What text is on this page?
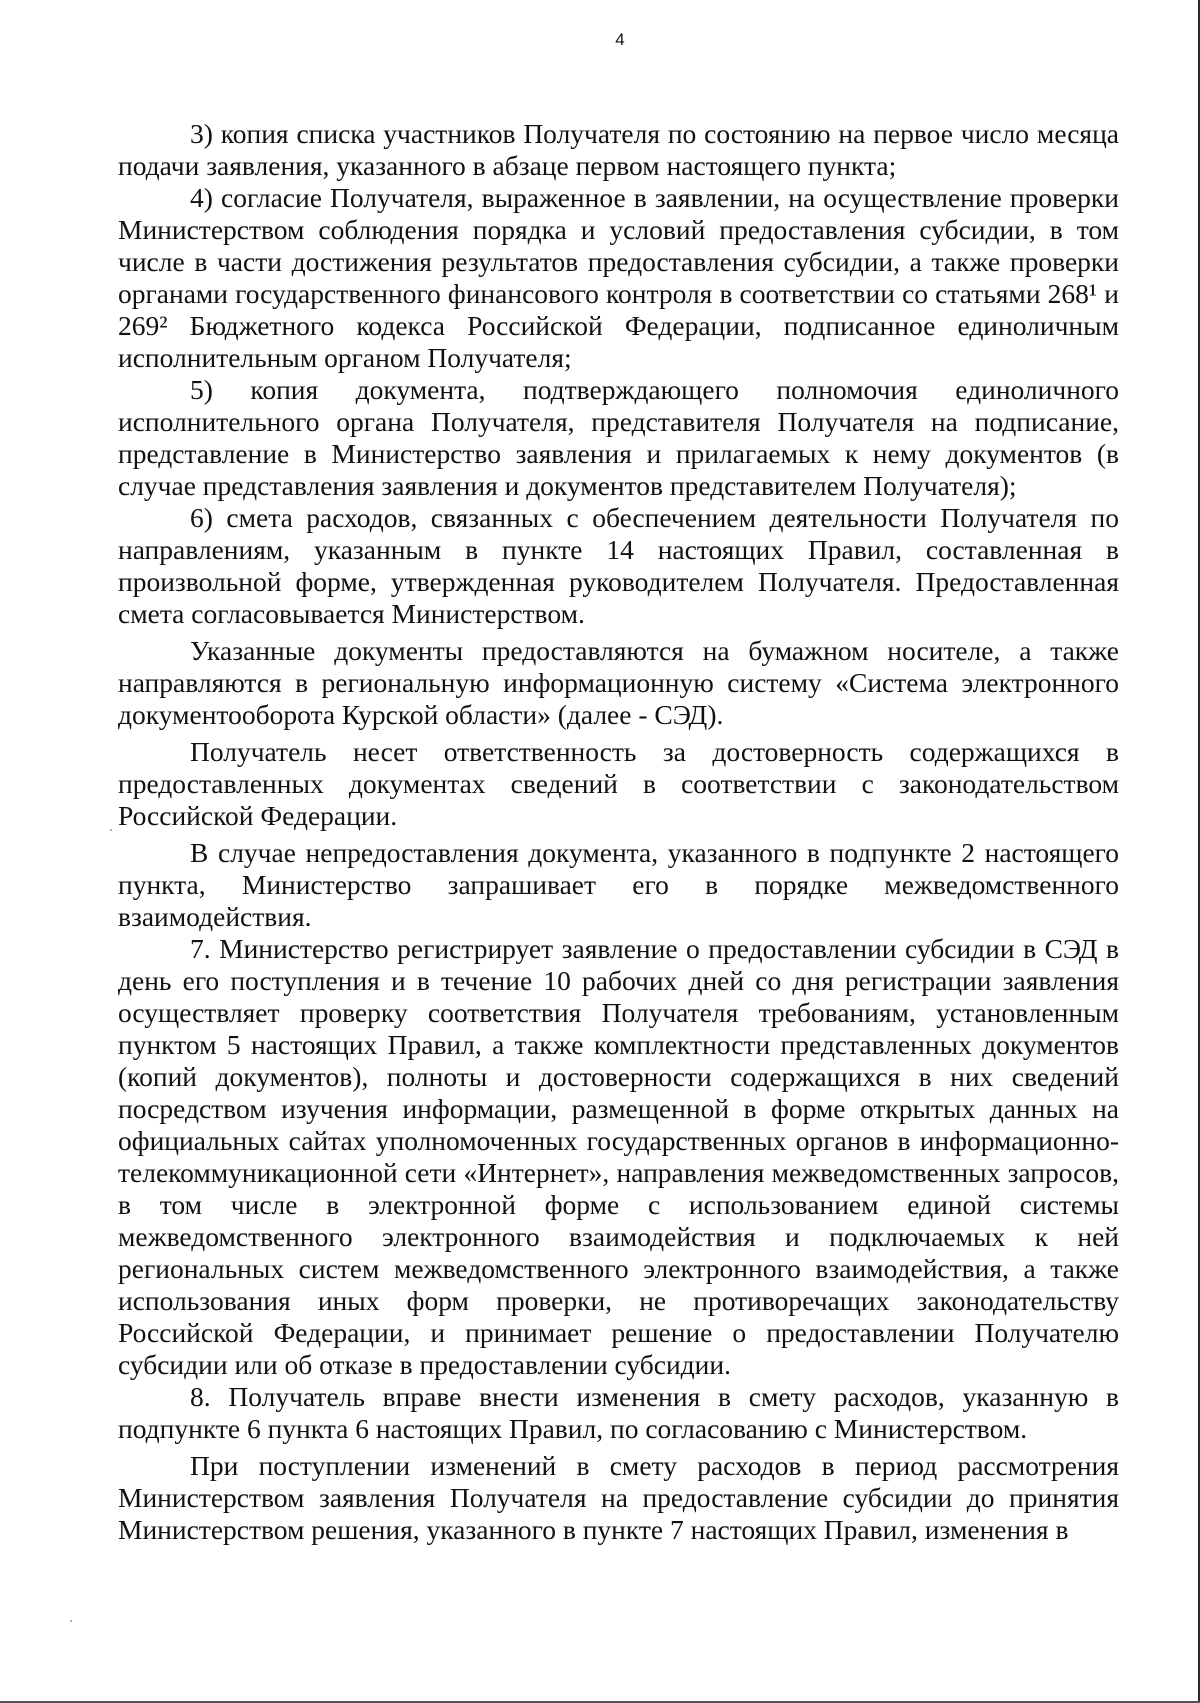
4

3) копия списка участников Получателя по состоянию на первое число месяца подачи заявления, указанного в абзаце первом настоящего пункта;

4) согласие Получателя, выраженное в заявлении, на осуществление проверки Министерством соблюдения порядка и условий предоставления субсидии, в том числе в части достижения результатов предоставления субсидии, а также проверки органами государственного финансового контроля в соответствии со статьями 268¹ и 269² Бюджетного кодекса Российской Федерации, подписанное единоличным исполнительным органом Получателя;

5) копия документа, подтверждающего полномочия единоличного исполнительного органа Получателя, представителя Получателя на подписание, представление в Министерство заявления и прилагаемых к нему документов (в случае представления заявления и документов представителем Получателя);

6) смета расходов, связанных с обеспечением деятельности Получателя по направлениям, указанным в пункте 14 настоящих Правил, составленная в произвольной форме, утвержденная руководителем Получателя. Предоставленная смета согласовывается Министерством.

Указанные документы предоставляются на бумажном носителе, а также направляются в региональную информационную систему «Система электронного документооборота Курской области» (далее - СЭД).

Получатель несет ответственность за достоверность содержащихся в предоставленных документах сведений в соответствии с законодательством Российской Федерации.

В случае непредоставления документа, указанного в подпункте 2 настоящего пункта, Министерство запрашивает его в порядке межведомственного взаимодействия.

7. Министерство регистрирует заявление о предоставлении субсидии в СЭД в день его поступления и в течение 10 рабочих дней со дня регистрации заявления осуществляет проверку соответствия Получателя требованиям, установленным пунктом 5 настоящих Правил, а также комплектности представленных документов (копий документов), полноты и достоверности содержащихся в них сведений посредством изучения информации, размещенной в форме открытых данных на официальных сайтах уполномоченных государственных органов в информационно-телекоммуникационной сети «Интернет», направления межведомственных запросов, в том числе в электронной форме с использованием единой системы межведомственного электронного взаимодействия и подключаемых к ней региональных систем межведомственного электронного взаимодействия, а также использования иных форм проверки, не противоречащих законодательству Российской Федерации, и принимает решение о предоставлении Получателю субсидии или об отказе в предоставлении субсидии.

8. Получатель вправе внести изменения в смету расходов, указанную в подпункте 6 пункта 6 настоящих Правил, по согласованию с Министерством.

При поступлении изменений в смету расходов в период рассмотрения Министерством заявления Получателя на предоставление субсидии до принятия Министерством решения, указанного в пункте 7 настоящих Правил, изменения в
